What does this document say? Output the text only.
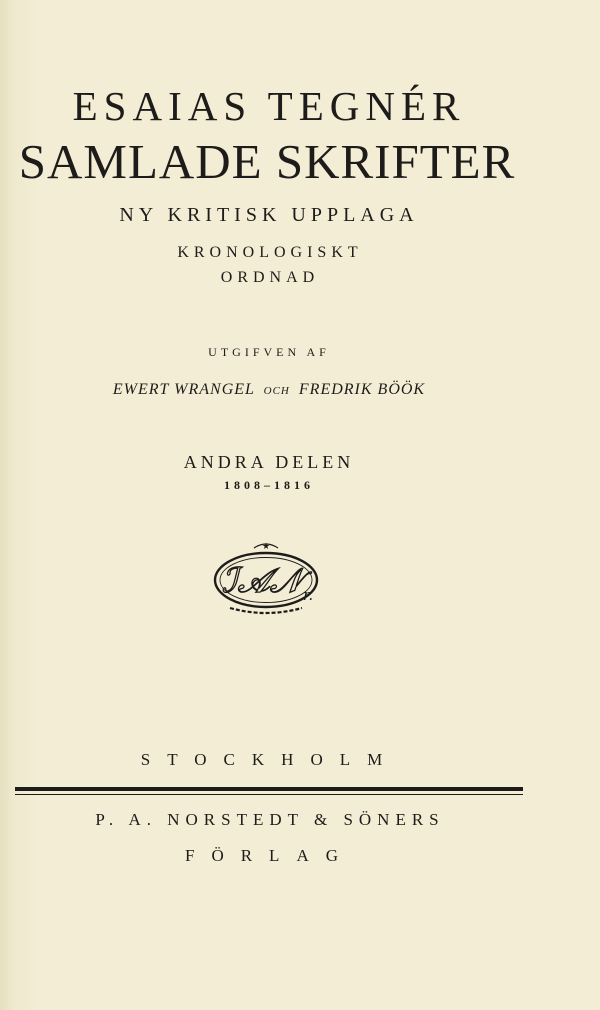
ESAIAS TEGNÉR
SAMLADE SKRIFTER
NY KRITISK UPPLAGA
KRONOLOGISKT
ORDNAD
UTGIFVEN AF
EWERT WRANGEL OCH FREDRIK BÖÖK
ANDRA DELEN
1808–1816
★
ℐ𝒜𝒩 r.
STOCKHOLM
P. A. NORSTEDT & SÖNERS
FÖRLAG
